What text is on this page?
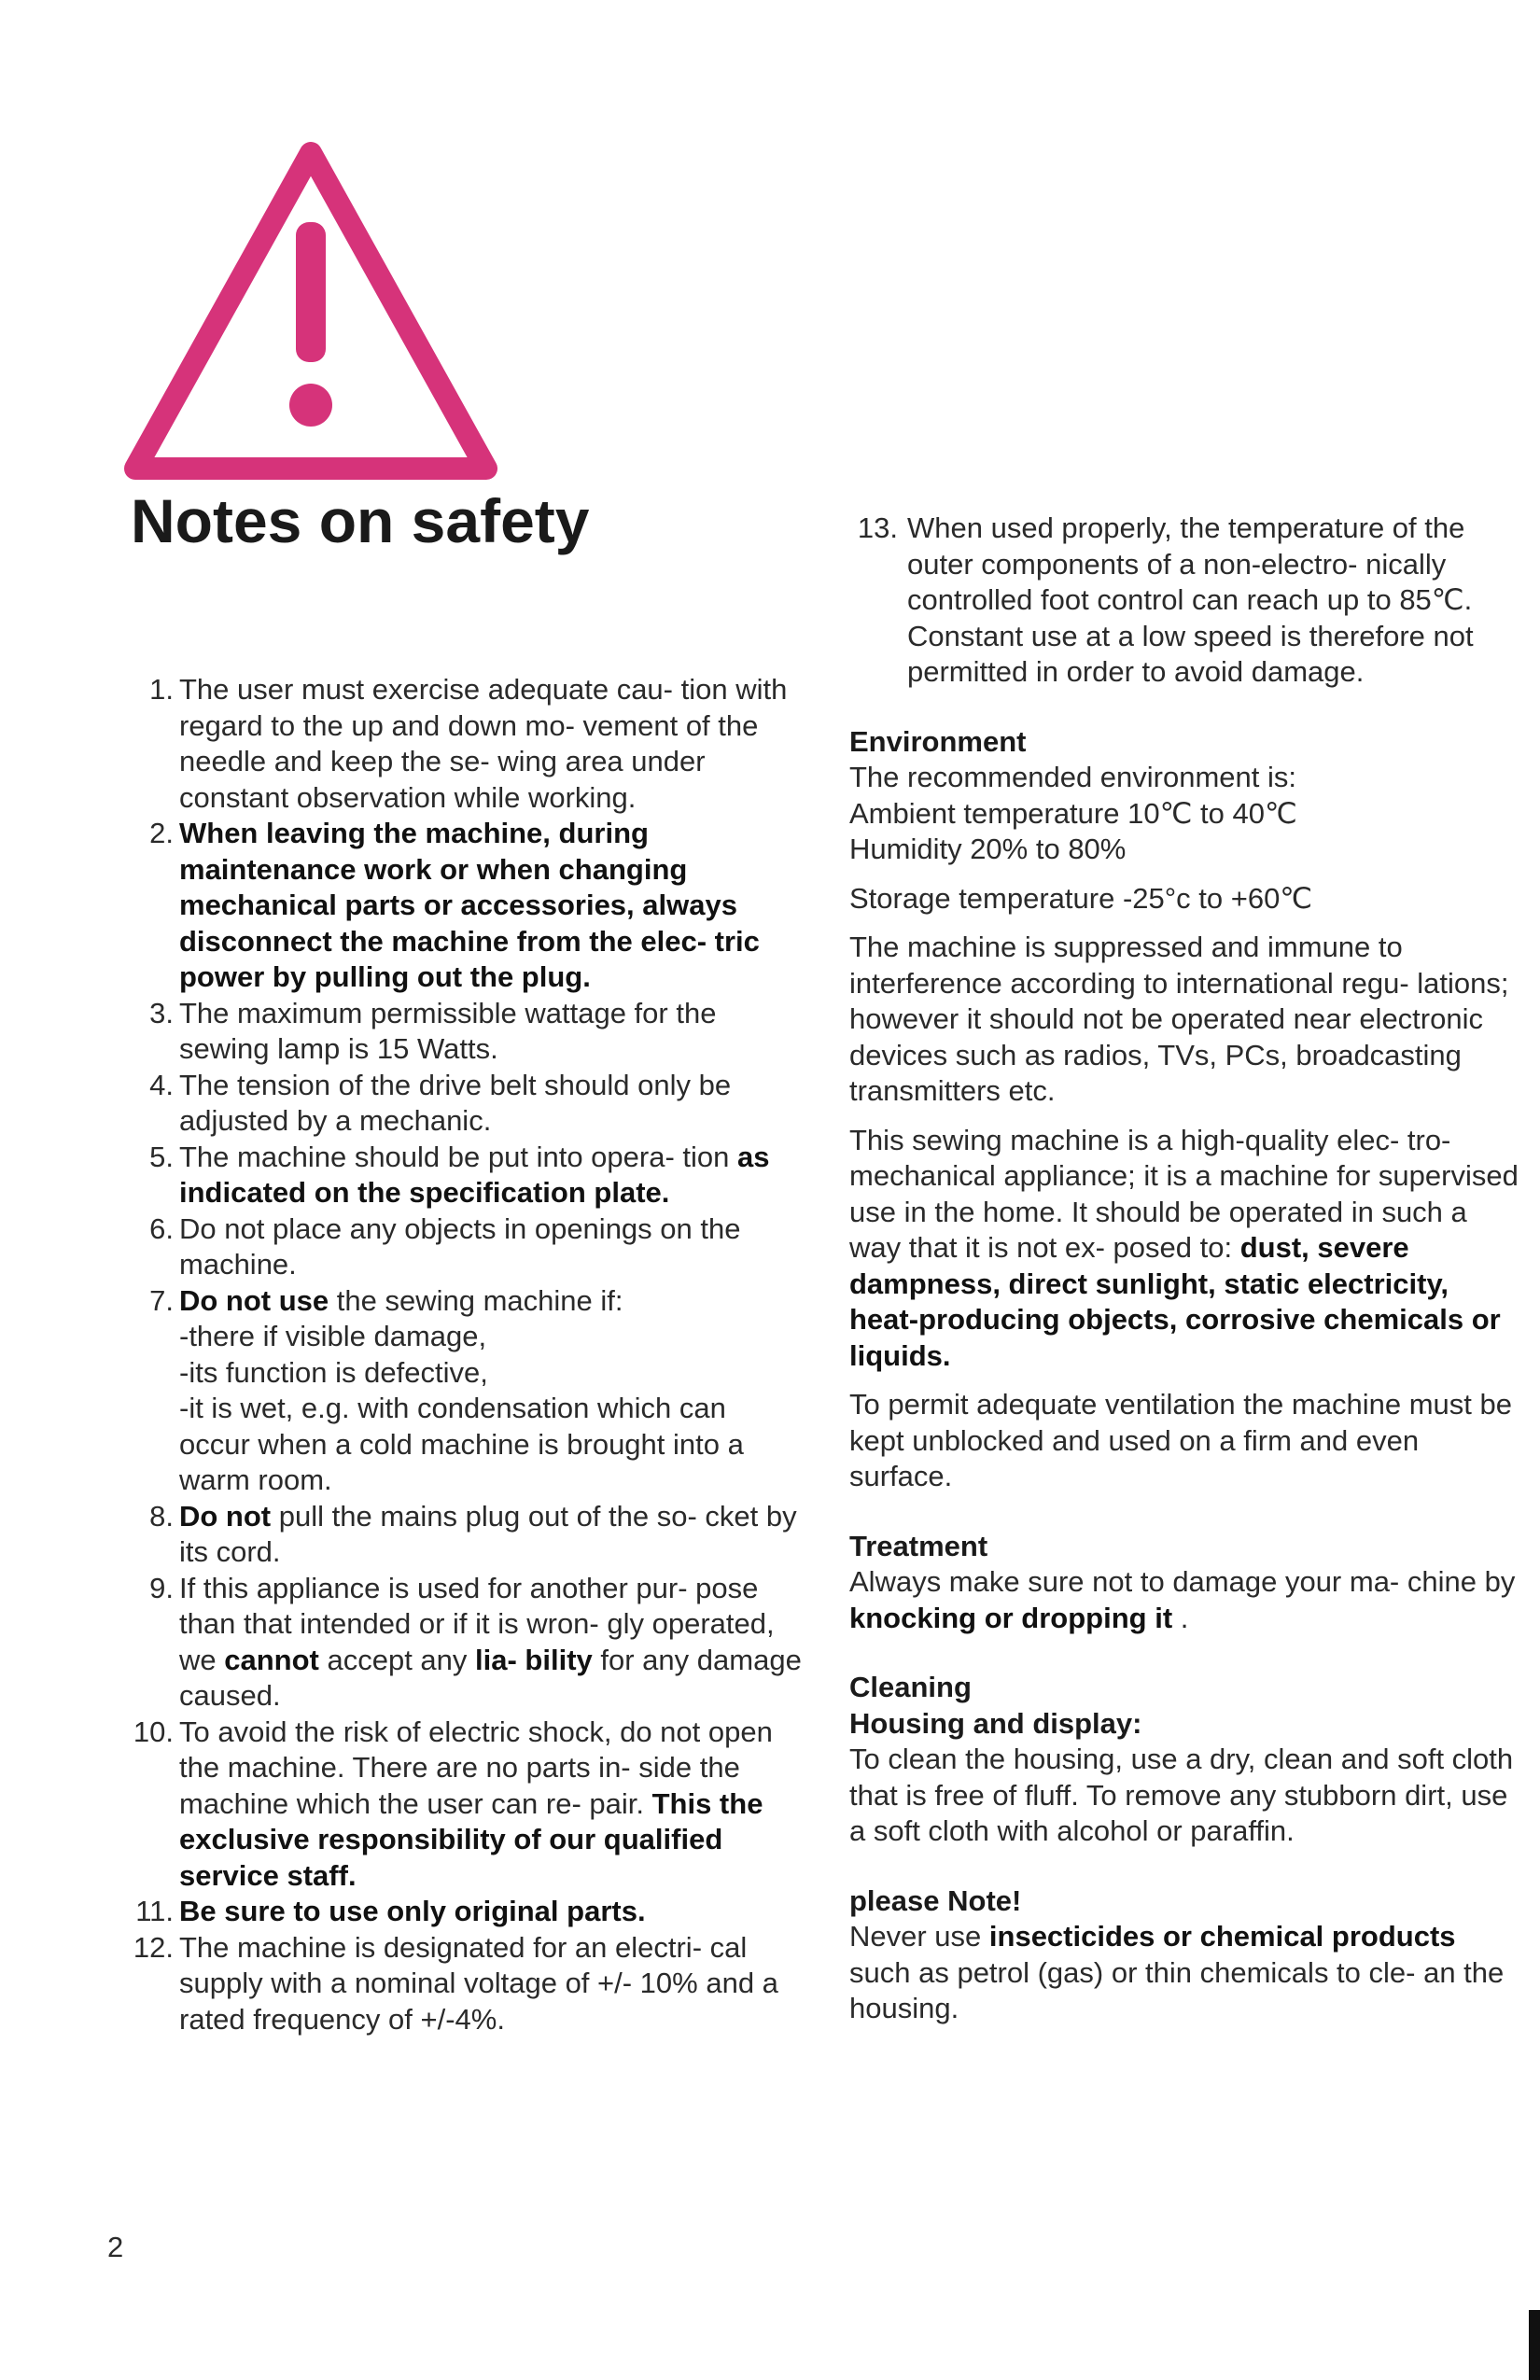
Notes on safety
1. The user must exercise adequate cau- tion with regard to the up and down mo- vement of the needle and keep the se- wing area under constant observation while working.
2. When leaving the machine, during maintenance work or when changing mechanical parts or accessories, always disconnect the machine from the elec- tric power by pulling out the plug.
3. The maximum permissible wattage for the sewing lamp is 15 Watts.
4. The tension of the drive belt should only be adjusted by a mechanic.
5. The machine should be put into opera- tion as indicated on the specification plate.
6. Do not place any objects in openings on the machine.
7. Do not use the sewing machine if:
-there if visible damage,
-its function is defective,
-it is wet, e.g. with condensation which can occur when a cold machine is brought into a warm room.
8. Do not pull the mains plug out of the so- cket by its cord.
9. If this appliance is used for another pur- pose than that intended or if it is wron- gly operated, we cannot accept any lia- bility for any damage caused.
10. To avoid the risk of electric shock, do not open the machine. There are no parts in- side the machine which the user can re- pair. This the exclusive responsibility of our qualified service staff.
11. Be sure to use only original parts.
12. The machine is designated for an electri- cal supply with a nominal voltage of +/- 10% and a rated frequency of +/-4%.
13. When used properly, the temperature of the outer components of a non-electro- nically controlled foot control can reach up to 85℃. Constant use at a low speed is therefore not permitted in order to avoid damage.
Environment
The recommended environment is:
Ambient temperature 10℃ to 40℃
Humidity 20% to 80%
Storage temperature -25°c to +60℃
The machine is suppressed and immune to interference according to international regu- lations; however it should not be operated near electronic devices such as radios, TVs, PCs, broadcasting transmitters etc.
This sewing machine is a high-quality elec- tro-mechanical appliance; it is a machine for supervised use in the home. It should be operated in such a way that it is not ex- posed to: dust, severe dampness, direct sunlight, static electricity, heat-producing objects, corrosive chemicals or liquids.
To permit adequate ventilation the machine must be kept unblocked and used on a firm and even surface.
Treatment
Always make sure not to damage your ma- chine by knocking or dropping it .
Cleaning
Housing and display:
To clean the housing, use a dry, clean and soft cloth that is free of fluff. To remove any stubborn dirt, use a soft cloth with alcohol or paraffin.
please Note!
Never use insecticides or chemical products such as petrol (gas) or thin chemicals to cle- an the housing.
2
